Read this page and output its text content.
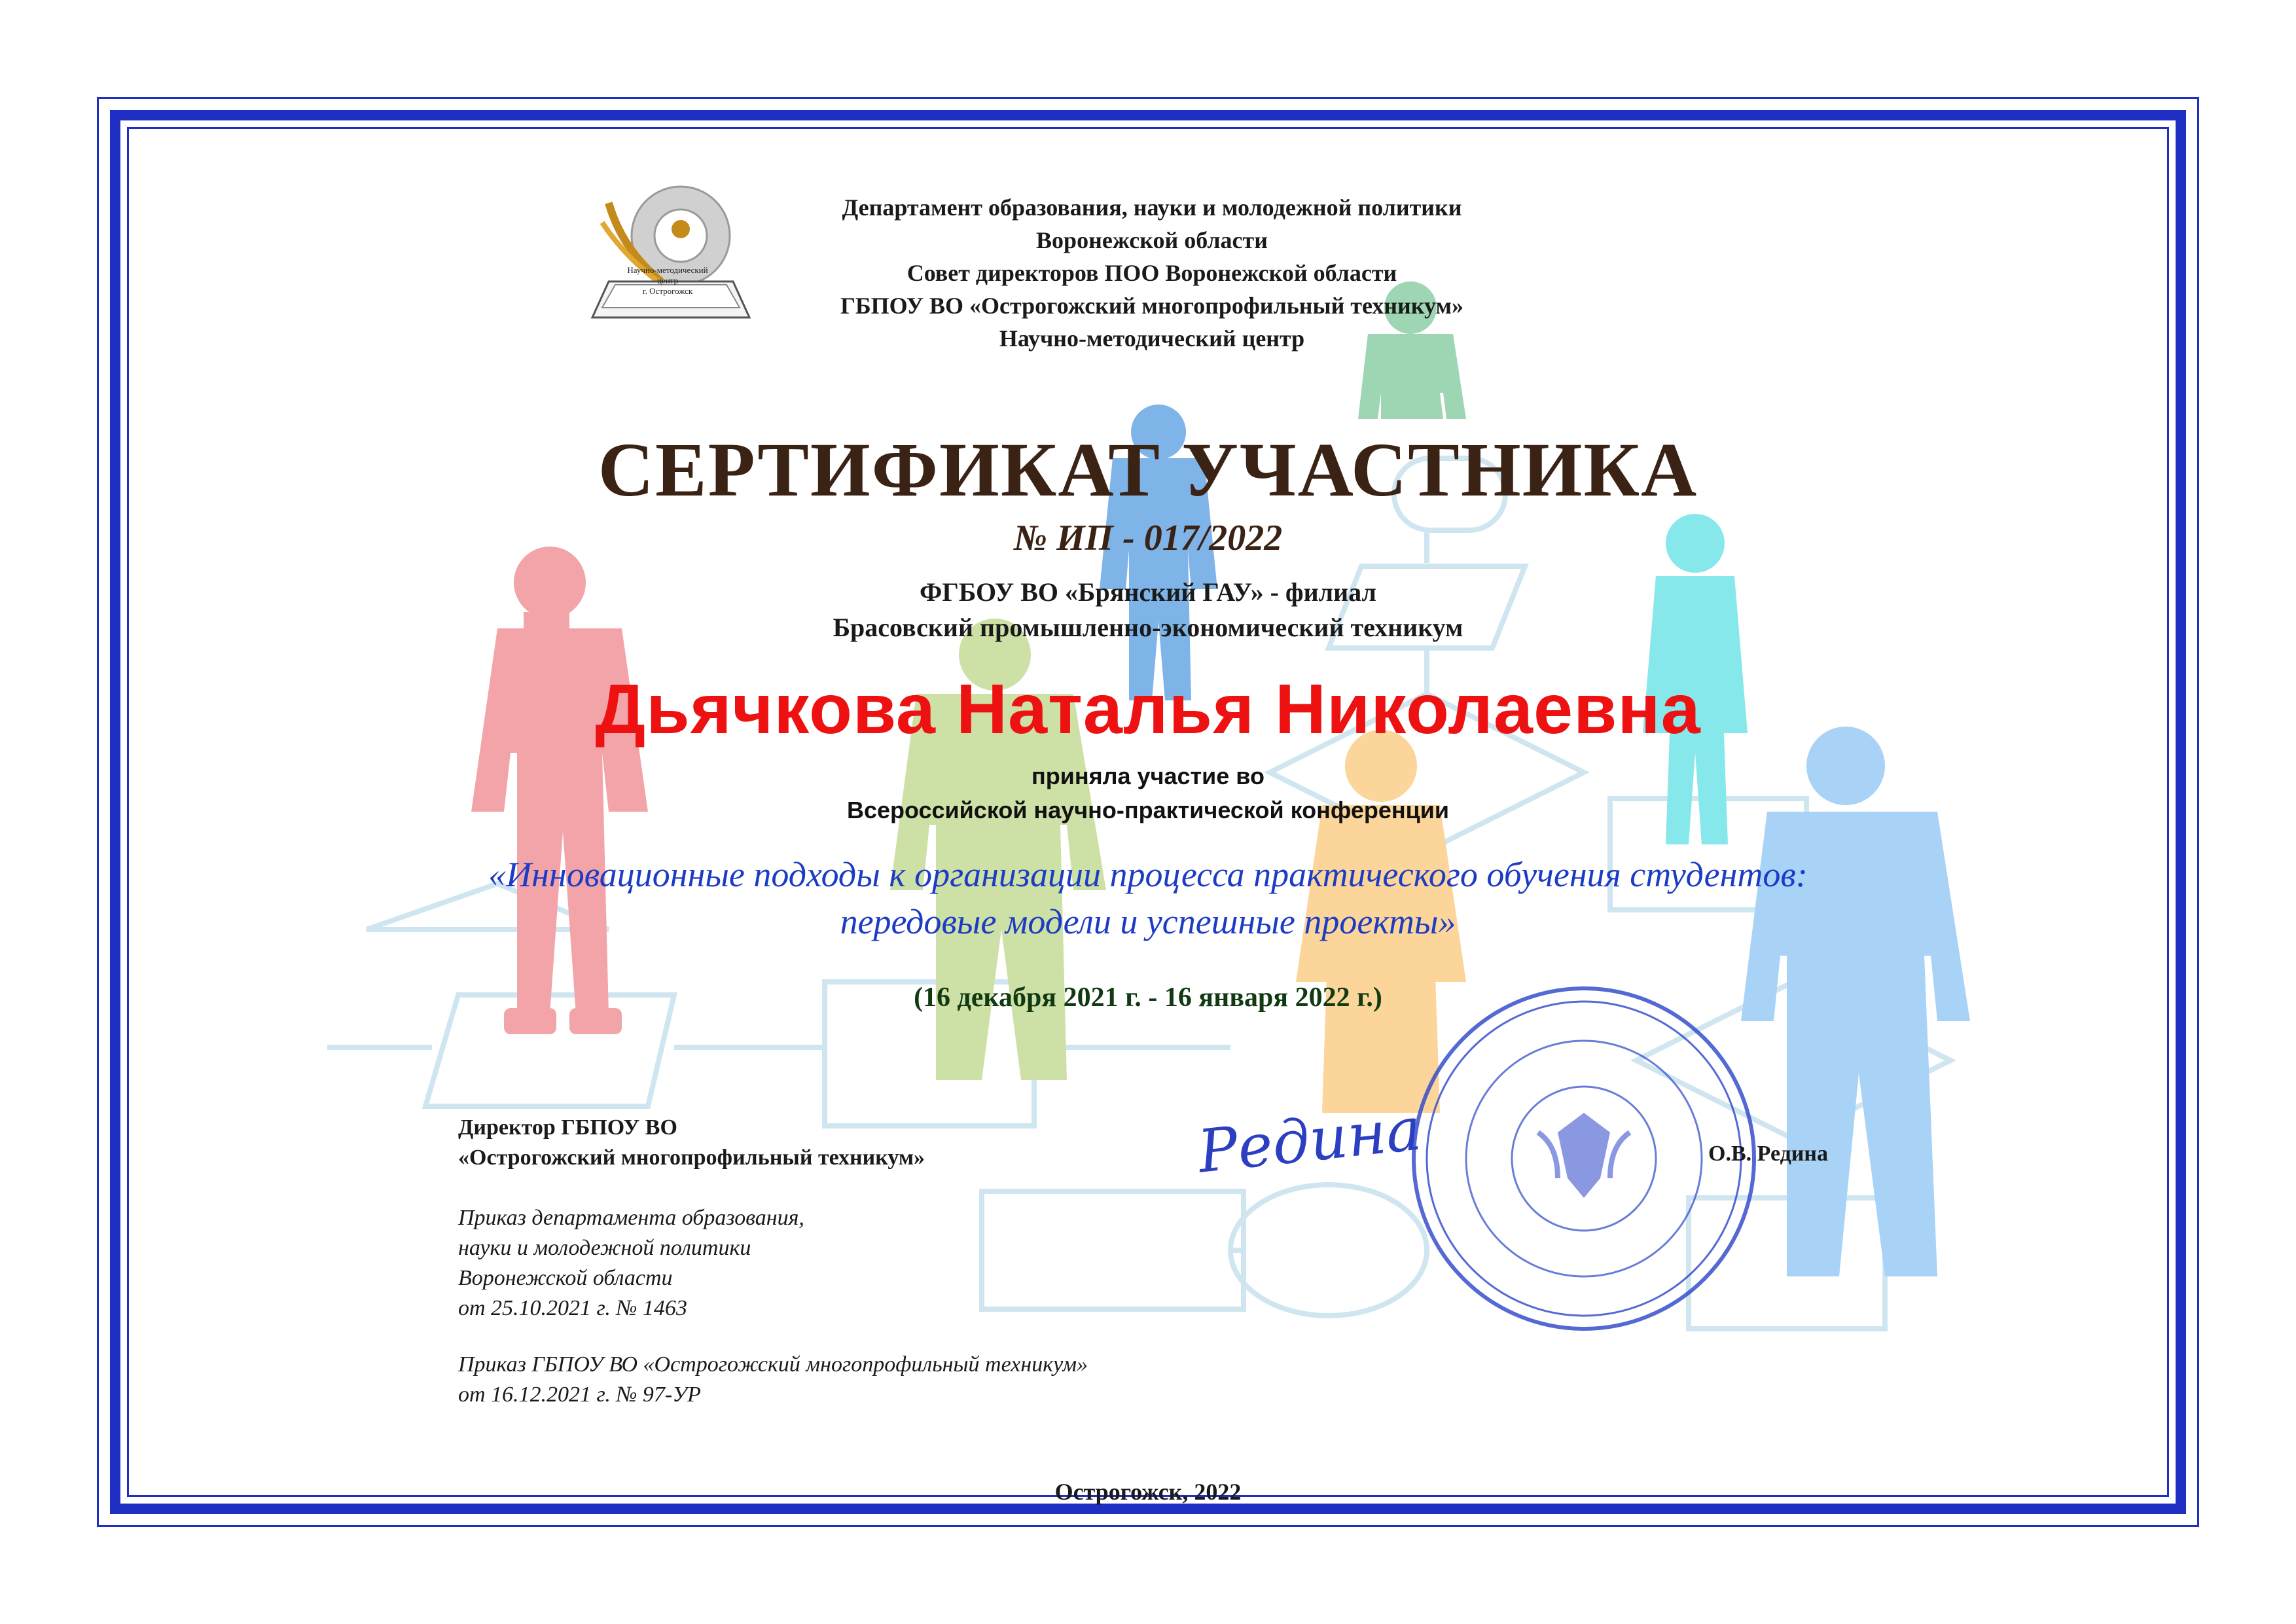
Научно-методический
центр
г. Острогожск
Департамент образования, науки и молодежной политики
Воронежской области
Совет директоров ПОО Воронежской области
ГБПОУ ВО «Острогожский многопрофильный техникум»
Научно-методический центр
СЕРТИФИКАТ УЧАСТНИКА
№ ИП - 017/2022
ФГБОУ ВО «Брянский ГАУ» - филиал
Брасовский промышленно-экономический техникум
Дьячкова Наталья Николаевна
приняла участие во
Всероссийской научно-практической конференции
«Инновационные подходы к организации процесса практического обучения студентов:
передовые модели и успешные проекты»
(16 декабря 2021 г. - 16 января 2022 г.)
Директор ГБПОУ ВО
«Острогожский многопрофильный техникум»	Редина	О.В. Редина
Приказ департамента образования,
науки и молодежной политики
Воронежской области
от 25.10.2021 г. № 1463
Приказ ГБПОУ ВО «Острогожский многопрофильный техникум»
от 16.12.2021 г. № 97-УР
Острогожск, 2022
